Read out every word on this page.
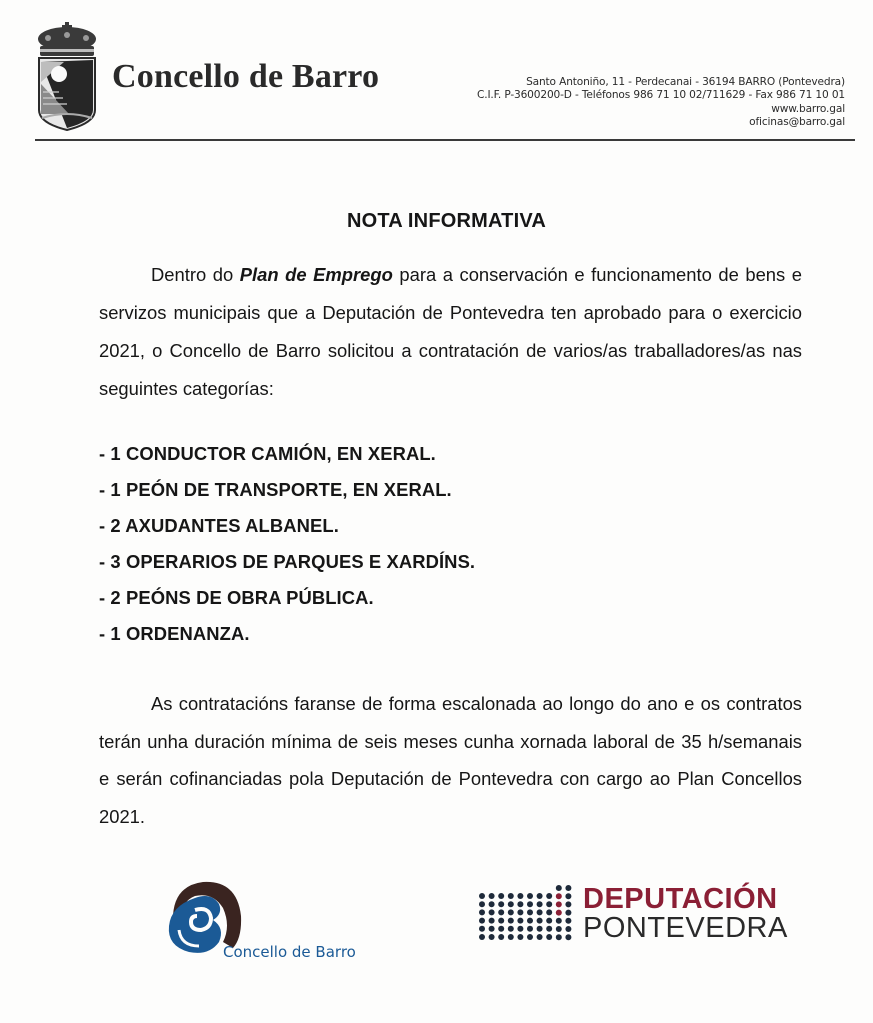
Concello de Barro	Santo Antoniño, 11 - Perdecanai - 36194 BARRO (Pontevedra)
C.I.F. P-3600200-D - Teléfonos 986 71 10 02/711629 - Fax 986 71 10 01
www.barro.gal
oficinas@barro.gal
NOTA INFORMATIVA
Dentro do Plan de Emprego para a conservación e funcionamento de bens e servizos municipais que a Deputación de Pontevedra ten aprobado para o exercicio 2021, o Concello de Barro solicitou a contratación de varios/as traballadores/as nas seguintes categorías:
- 1 CONDUCTOR CAMIÓN, EN XERAL.
- 1 PEÓN DE TRANSPORTE, EN XERAL.
- 2 AXUDANTES ALBANEL.
- 3 OPERARIOS DE PARQUES E XARDÍNS.
- 2 PEÓNS DE OBRA PÚBLICA.
- 1 ORDENANZA.
As contratacións faranse de forma escalonada ao longo do ano e os contratos terán unha duración mínima de seis meses cunha xornada laboral de 35 h/semanais e serán cofinanciadas pola Deputación de Pontevedra con cargo ao Plan Concellos 2021.
Concello de Barro
DEPUTACIÓN
PONTEVEDRA
